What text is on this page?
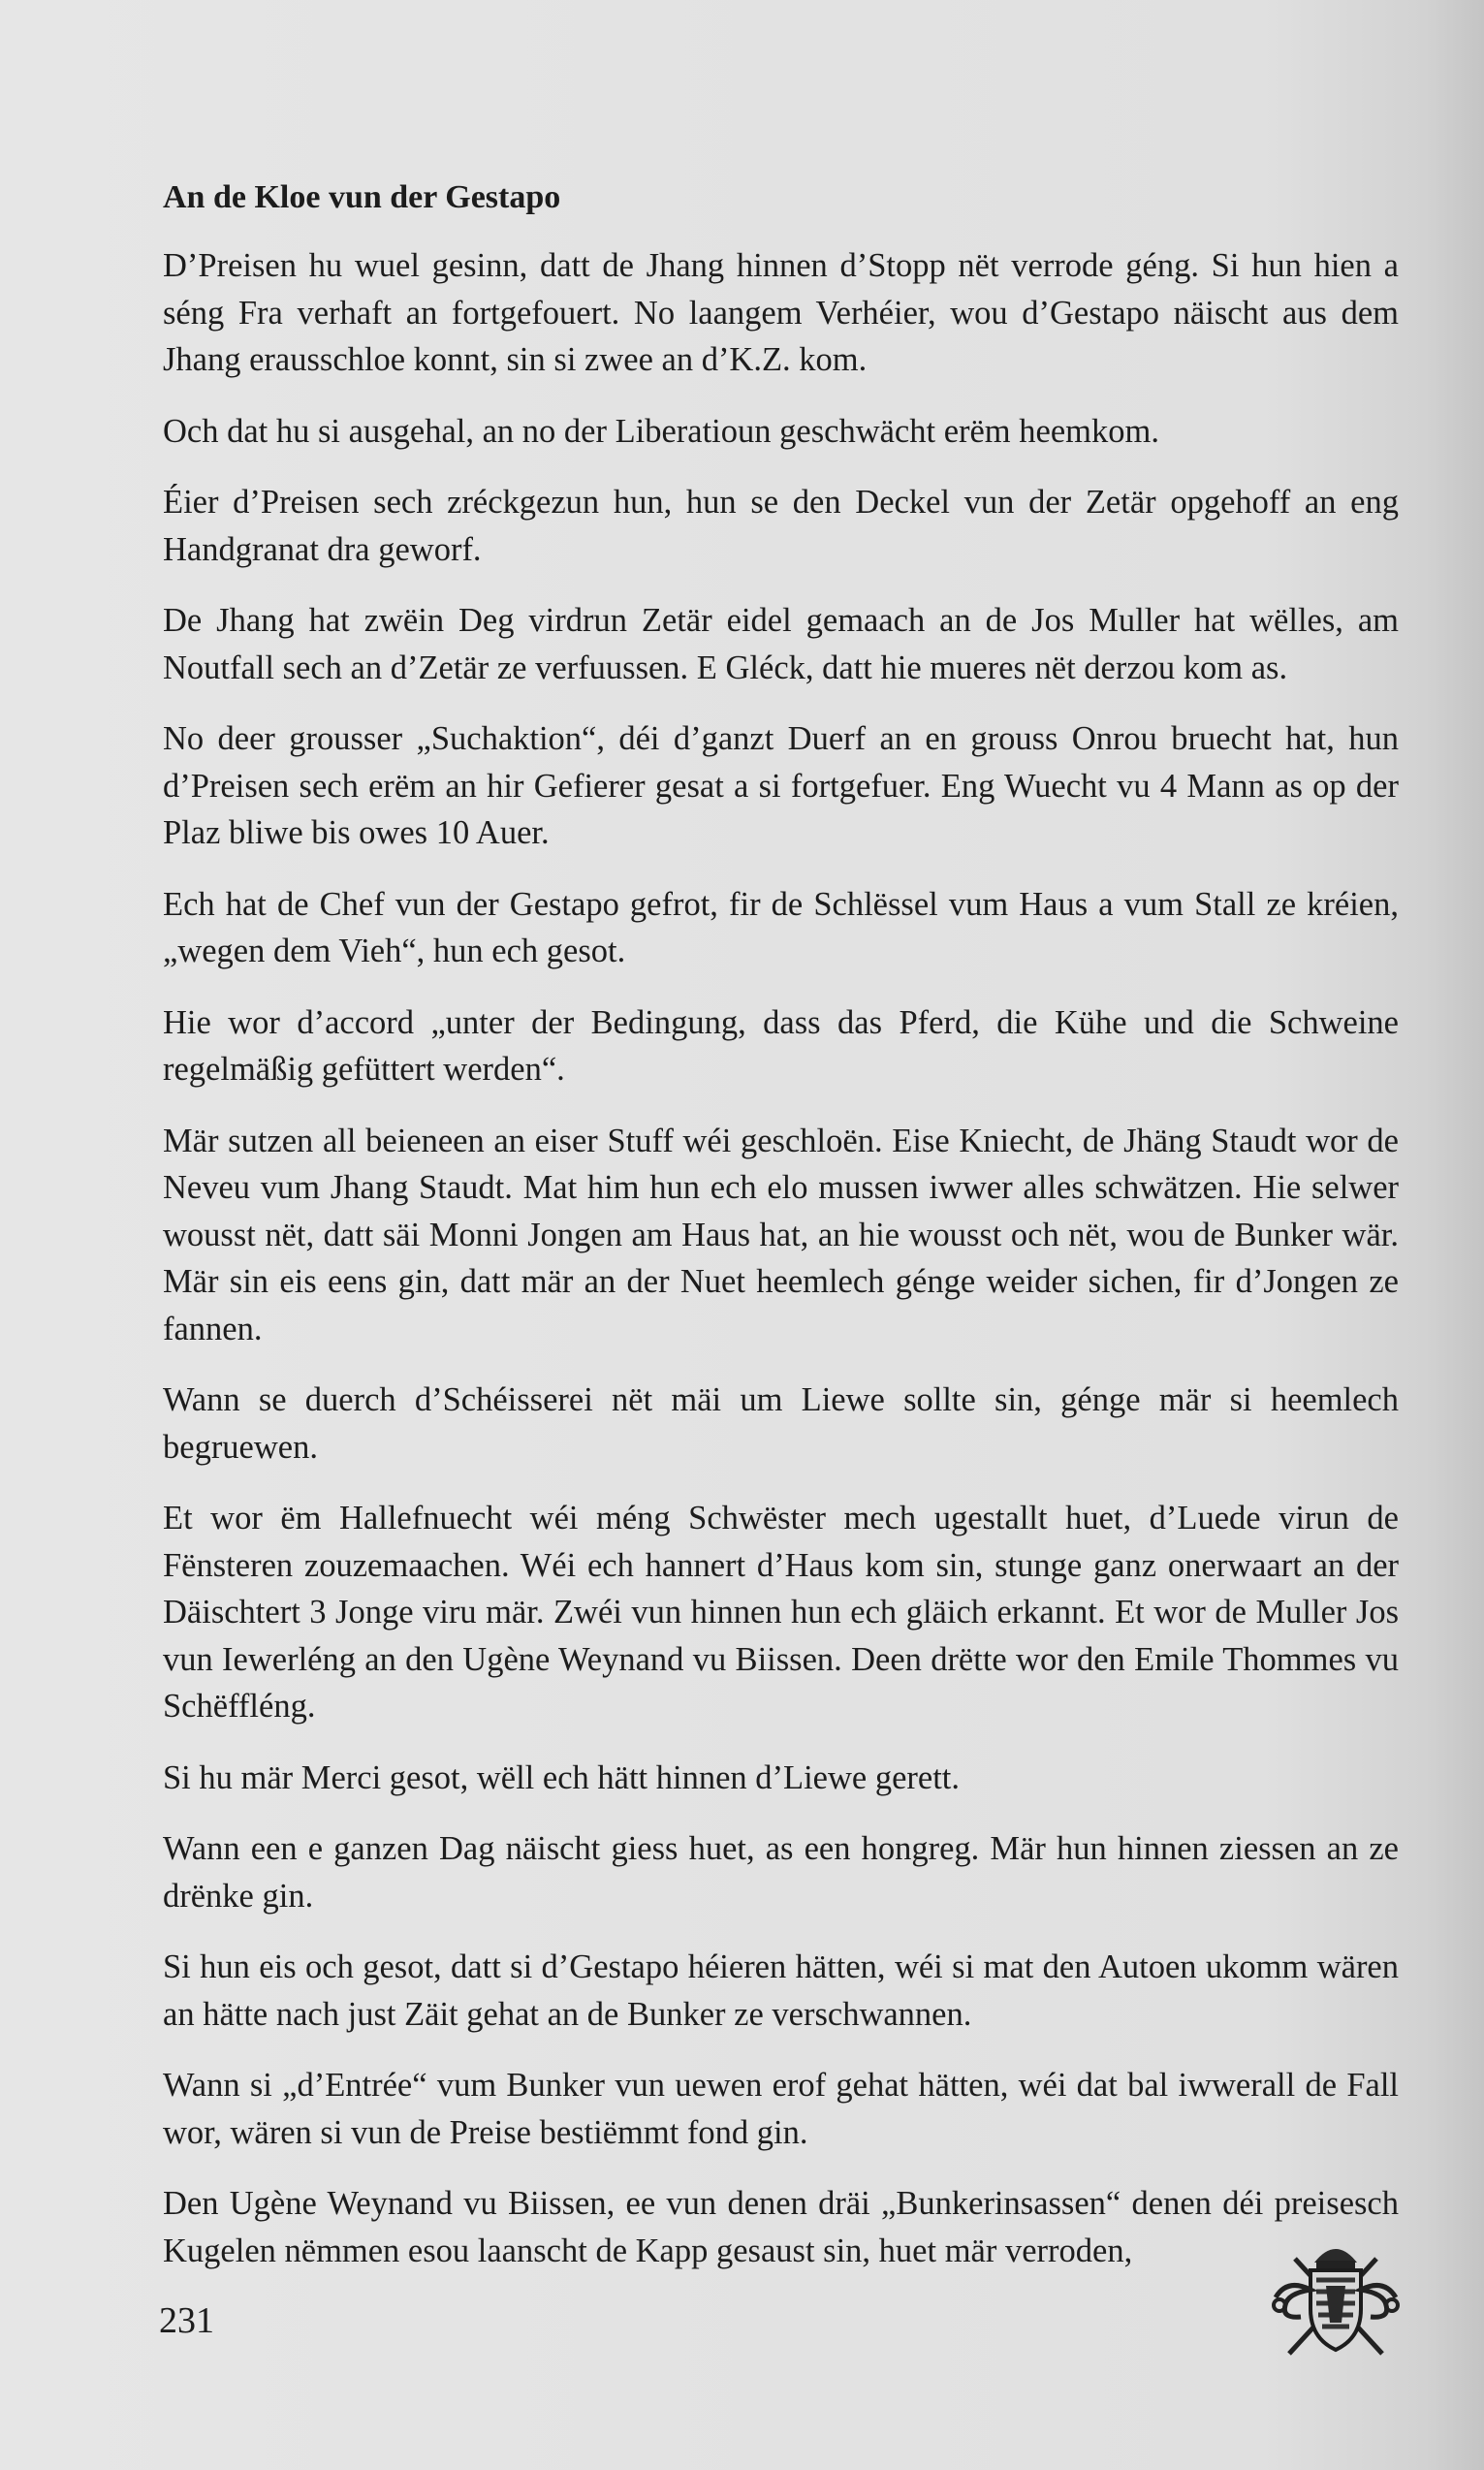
An de Kloe vun der Gestapo

D’Preisen hu wuel gesinn, datt de Jhang hinnen d’Stopp nët verrode géng. Si hun hien a séng Fra verhaft an fortgefouert. No laangem Verhéier, wou d’Gestapo näischt aus dem Jhang erausschloe konnt, sin si zwee an d’K.Z. kom.

Och dat hu si ausgehal, an no der Liberatioun geschwächt erëm heemkom.

Éier d’Preisen sech zréckgezun hun, hun se den Deckel vun der Zetär opgehoff an eng Handgranat dra geworf.

De Jhang hat zwëin Deg virdrun Zetär eidel gemaach an de Jos Muller hat wëlles, am Noutfall sech an d’Zetär ze verfuussen. E Gléck, datt hie mueres nët derzou kom as.

No deer grousser „Suchaktion“, déi d’ganzt Duerf an en grouss Onrou bruecht hat, hun d’Preisen sech erëm an hir Gefierer gesat a si fortgefuer. Eng Wuecht vu 4 Mann as op der Plaz bliwe bis owes 10 Auer.

Ech hat de Chef vun der Gestapo gefrot, fir de Schlëssel vum Haus a vum Stall ze kréien, „wegen dem Vieh“, hun ech gesot.

Hie wor d’accord „unter der Bedingung, dass das Pferd, die Kühe und die Schweine regelmäßig gefüttert werden“.

Mär sutzen all beieneen an eiser Stuff wéi geschloën. Eise Kniecht, de Jhäng Staudt wor de Neveu vum Jhang Staudt. Mat him hun ech elo mussen iwwer alles schwätzen. Hie selwer wousst nët, datt säi Monni Jongen am Haus hat, an hie wousst och nët, wou de Bunker wär. Mär sin eis eens gin, datt mär an der Nuet heemlech génge weider sichen, fir d’Jongen ze fannen.

Wann se duerch d’Schéisserei nët mäi um Liewe sollte sin, génge mär si heemlech begruewen.

Et wor ëm Hallefnuecht wéi méng Schwëster mech ugestallt huet, d’Luede virun de Fënsteren zouzemaachen. Wéi ech hannert d’Haus kom sin, stunge ganz onerwaart an der Däischtert 3 Jonge viru mär. Zwéi vun hinnen hun ech gläich erkannt. Et wor de Muller Jos vun Iewerléng an den Ugène Weynand vu Biissen. Deen drëtte wor den Emile Thommes vu Schëffléng.

Si hu mär Merci gesot, wëll ech hätt hinnen d’Liewe gerett.

Wann een e ganzen Dag näischt giess huet, as een hongreg. Mär hun hinnen ziessen an ze drënke gin.

Si hun eis och gesot, datt si d’Gestapo héieren hätten, wéi si mat den Autoen ukomm wären an hätte nach just Zäit gehat an de Bunker ze verschwannen.

Wann si „d’Entrée“ vum Bunker vun uewen erof gehat hätten, wéi dat bal iwwerall de Fall wor, wären si vun de Preise bestiëmmt fond gin.

Den Ugène Weynand vu Biissen, ee vun denen dräi „Bunkerinsassen“ denen déi preisesch Kugelen nëmmen esou laanscht de Kapp gesaust sin, huet mär verroden,

231
